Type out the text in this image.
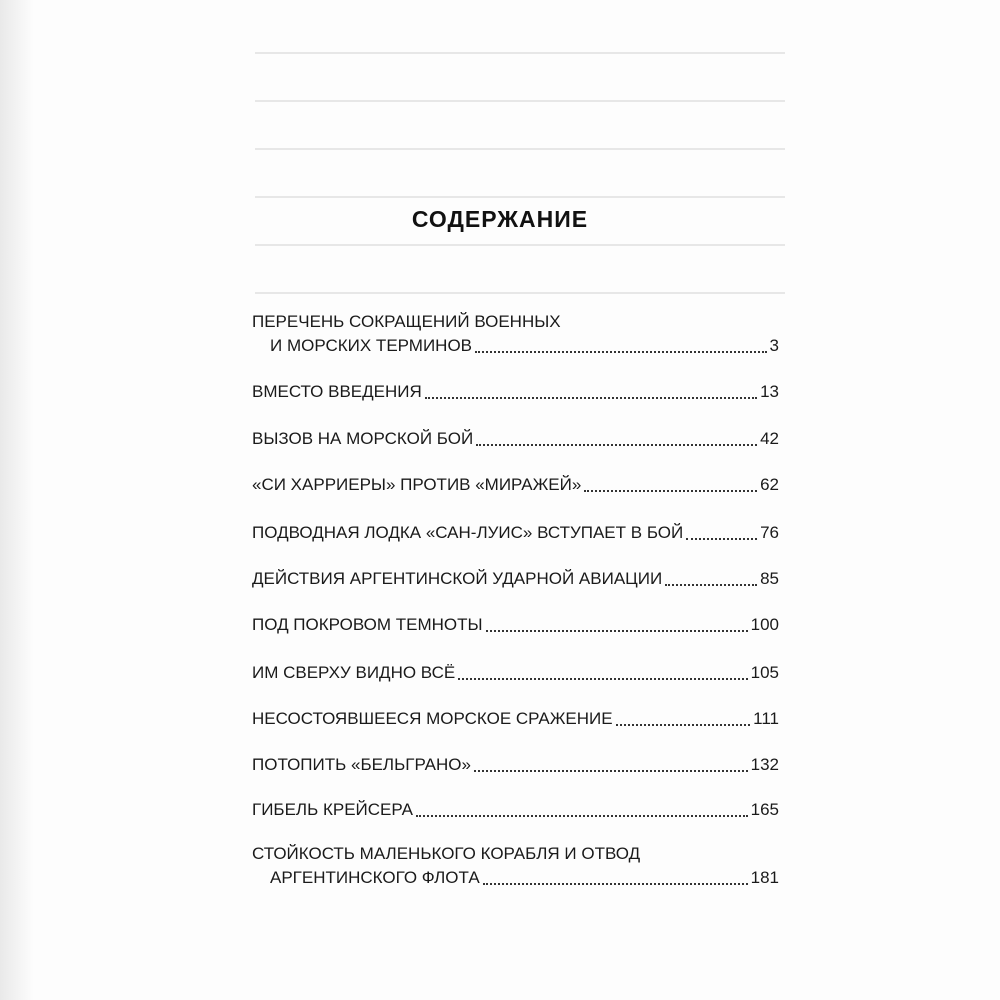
СОДЕРЖАНИЕ
ПЕРЕЧЕНЬ СОКРАЩЕНИЙ ВОЕННЫХ
И МОРСКИХ ТЕРМИНОВ	3
ВМЕСТО ВВЕДЕНИЯ	13
ВЫЗОВ НА МОРСКОЙ БОЙ	42
«СИ ХАРРИЕРЫ» ПРОТИВ «МИРАЖЕЙ»	62
ПОДВОДНАЯ ЛОДКА «САН-ЛУИС» ВСТУПАЕТ В БОЙ	76
ДЕЙСТВИЯ АРГЕНТИНСКОЙ УДАРНОЙ АВИАЦИИ	85
ПОД ПОКРОВОМ ТЕМНОТЫ	100
ИМ СВЕРХУ ВИДНО ВСЁ	105
НЕСОСТОЯВШЕЕСЯ МОРСКОЕ СРАЖЕНИЕ	111
ПОТОПИТЬ «БЕЛЬГРАНО»	132
ГИБЕЛЬ КРЕЙСЕРА	165
СТОЙКОСТЬ МАЛЕНЬКОГО КОРАБЛЯ И ОТВОД
АРГЕНТИНСКОГО ФЛОТА	181
